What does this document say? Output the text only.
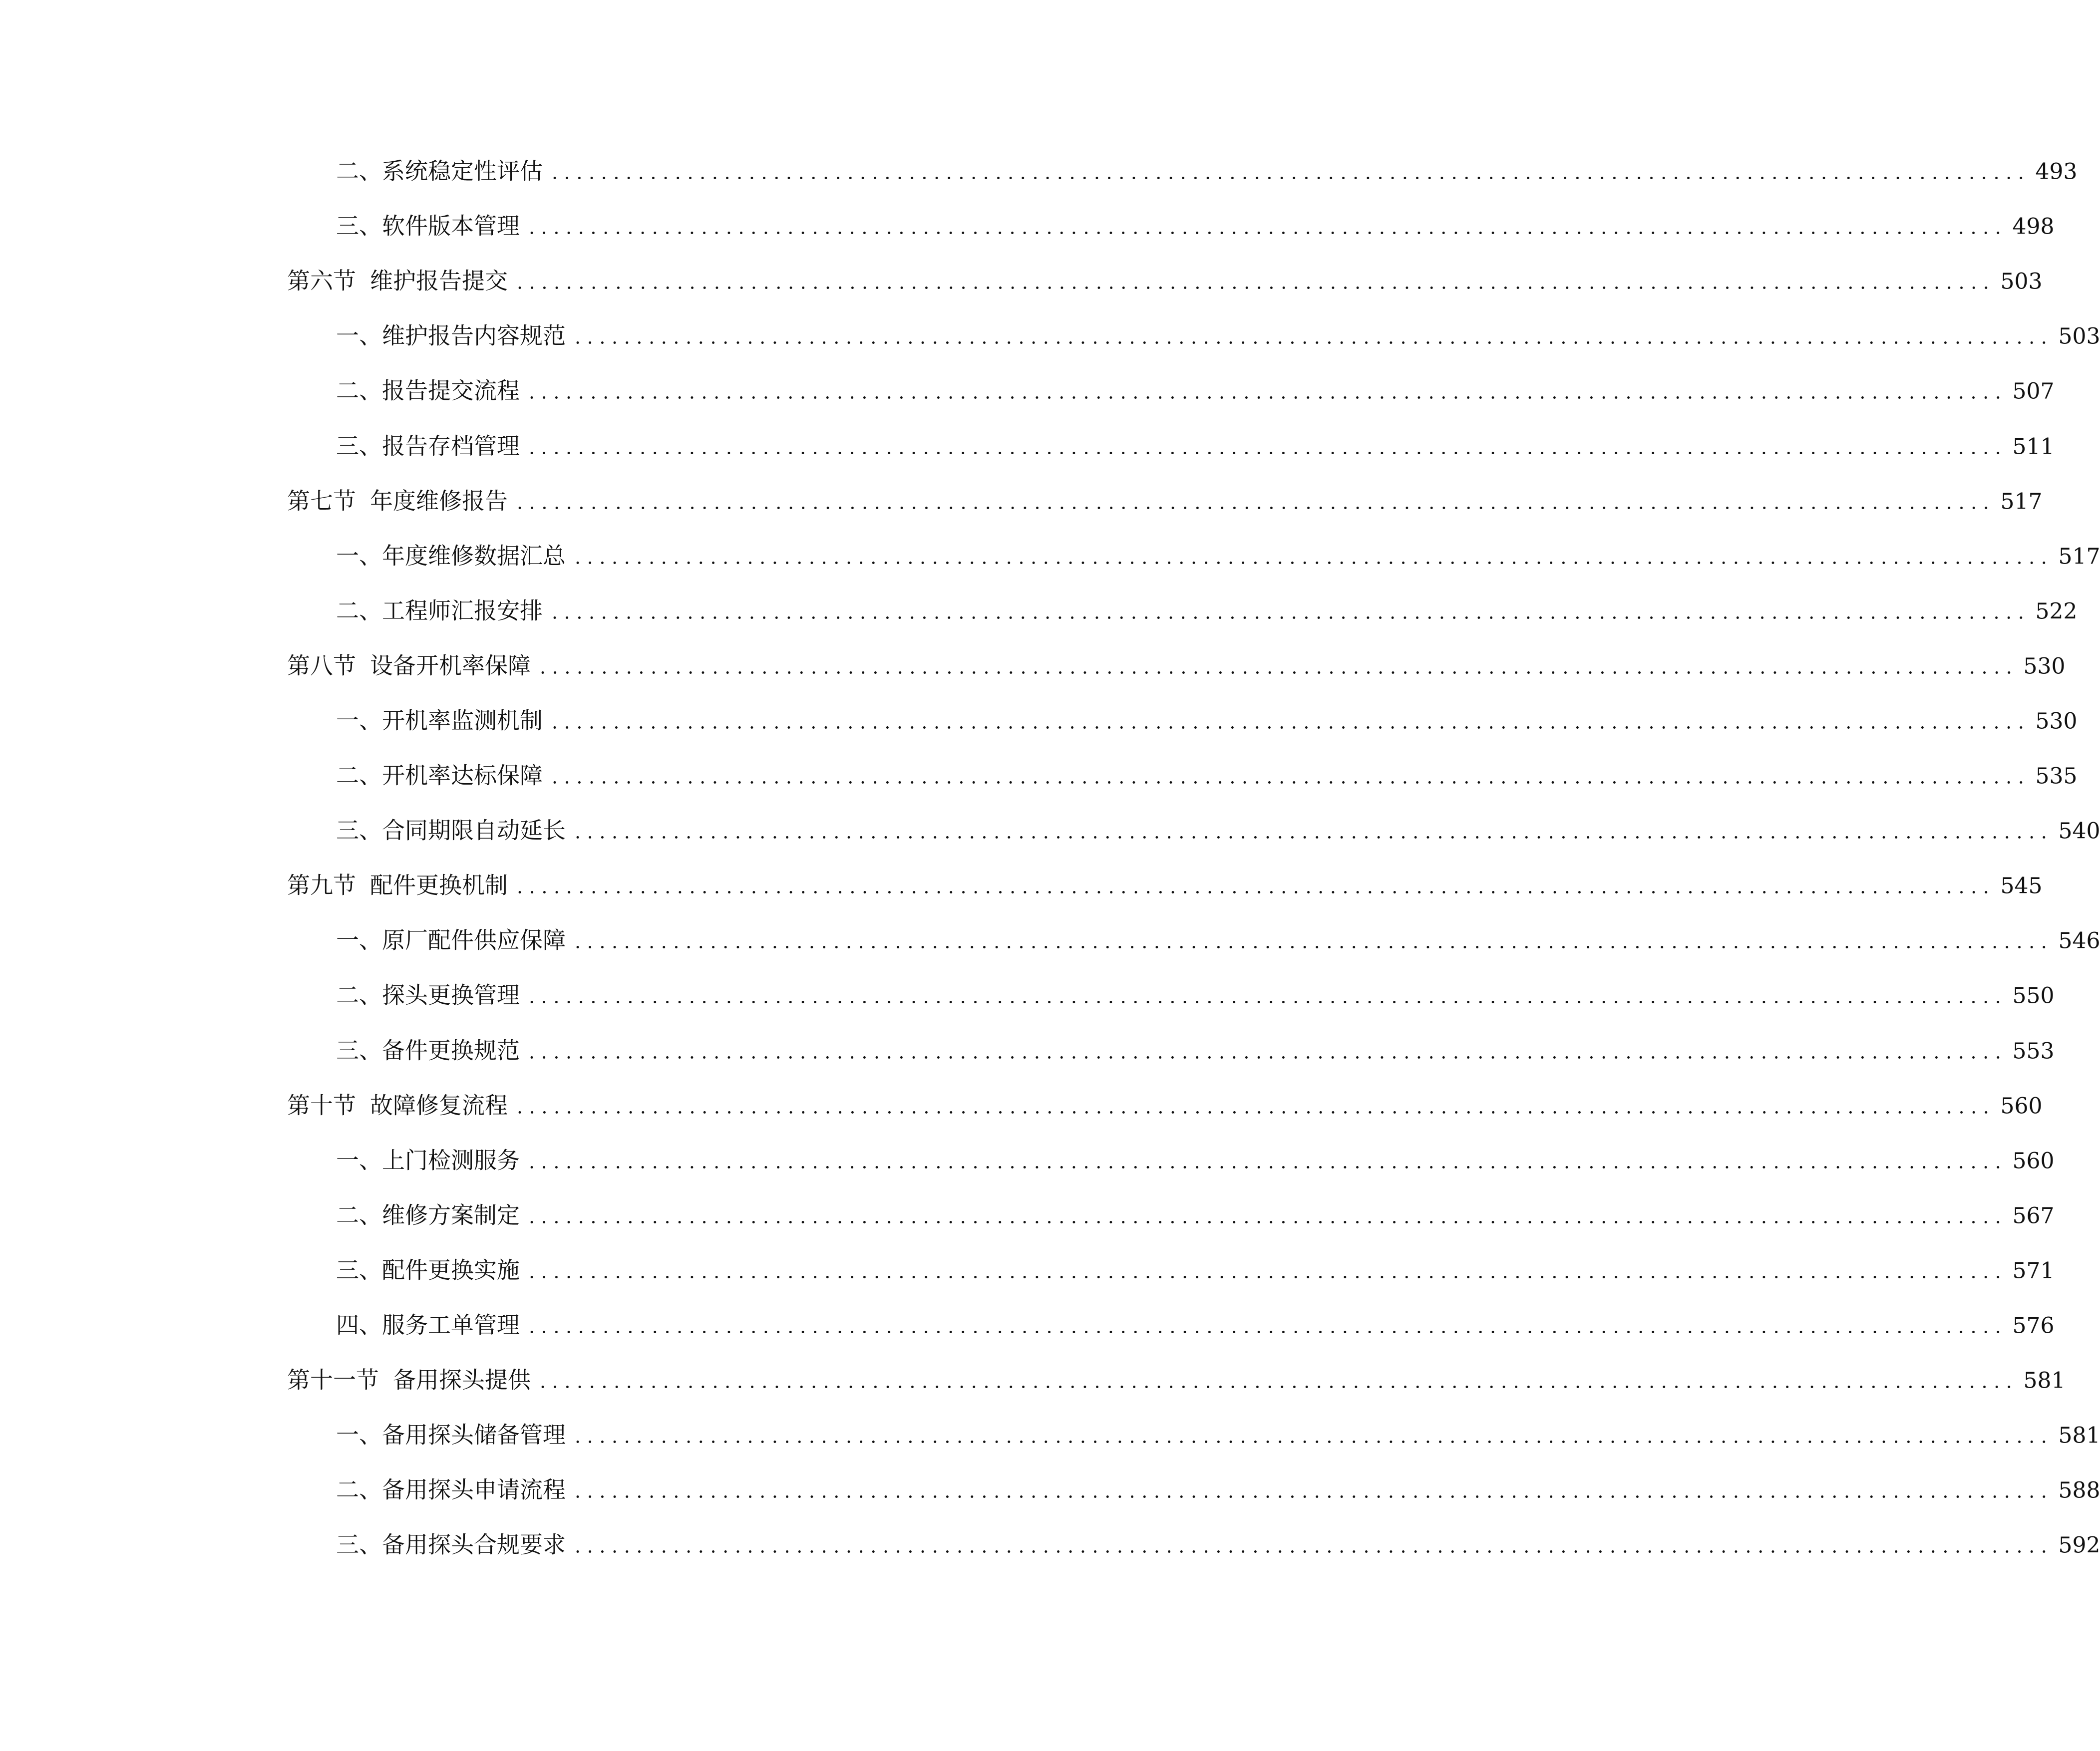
二、 系统稳定性评估 ........................................................................................................................ 493
三、 软件版本管理 ........................................................................................................................ 498
第六节 维护报告提交 ........................................................................................................................ 503
一、 维护报告内容规范 ........................................................................................................................ 503
二、 报告提交流程 ........................................................................................................................ 507
三、 报告存档管理 ........................................................................................................................ 511
第七节 年度维修报告 ........................................................................................................................ 517
一、 年度维修数据汇总 ........................................................................................................................ 517
二、 工程师汇报安排 ........................................................................................................................ 522
第八节 设备开机率保障 ........................................................................................................................ 530
一、 开机率监测机制 ........................................................................................................................ 530
二、 开机率达标保障 ........................................................................................................................ 535
三、 合同期限自动延长 ........................................................................................................................ 540
第九节 配件更换机制 ........................................................................................................................ 545
一、 原厂配件供应保障 ........................................................................................................................ 546
二、 探头更换管理 ........................................................................................................................ 550
三、 备件更换规范 ........................................................................................................................ 553
第十节 故障修复流程 ........................................................................................................................ 560
一、 上门检测服务 ........................................................................................................................ 560
二、 维修方案制定 ........................................................................................................................ 567
三、 配件更换实施 ........................................................................................................................ 571
四、 服务工单管理 ........................................................................................................................ 576
第十一节 备用探头提供 ........................................................................................................................ 581
一、 备用探头储备管理 ........................................................................................................................ 581
二、 备用探头申请流程 ........................................................................................................................ 588
三、 备用探头合规要求 ........................................................................................................................ 592
